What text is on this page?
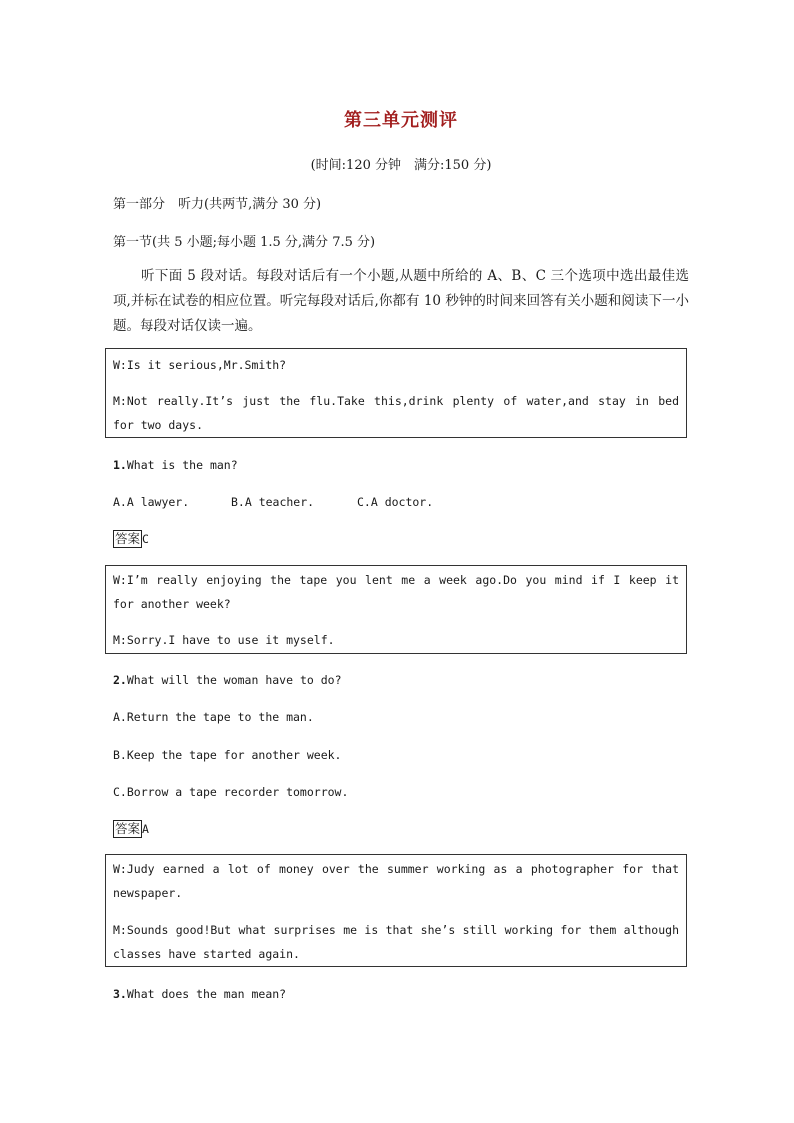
第三单元测评
(时间:120 分钟　满分:150 分)
第一部分　听力(共两节,满分 30 分)
第一节(共 5 小题;每小题 1.5 分,满分 7.5 分)
听下面 5 段对话。每段对话后有一个小题,从题中所给的 A、B、C 三个选项中选出最佳选项,并标在试卷的相应位置。听完每段对话后,你都有 10 秒钟的时间来回答有关小题和阅读下一小题。每段对话仅读一遍。

W:Is it serious,Mr.Smith?

M:Not really.It’s just the flu.Take this,drink plenty of water,and stay in bed for two days.

1.What is the man?
A.A lawyer.	B.A teacher.	C.A doctor.
答案 C

W:I’m really enjoying the tape you lent me a week ago.Do you mind if I keep it for another week?

M:Sorry.I have to use it myself.

2.What will the woman have to do?
A.Return the tape to the man.
B.Keep the tape for another week.
C.Borrow a tape recorder tomorrow.
答案 A

W:Judy earned a lot of money over the summer working as a photographer for that newspaper.

M:Sounds good!But what surprises me is that she’s still working for them although classes have started again.

3.What does the man mean?
